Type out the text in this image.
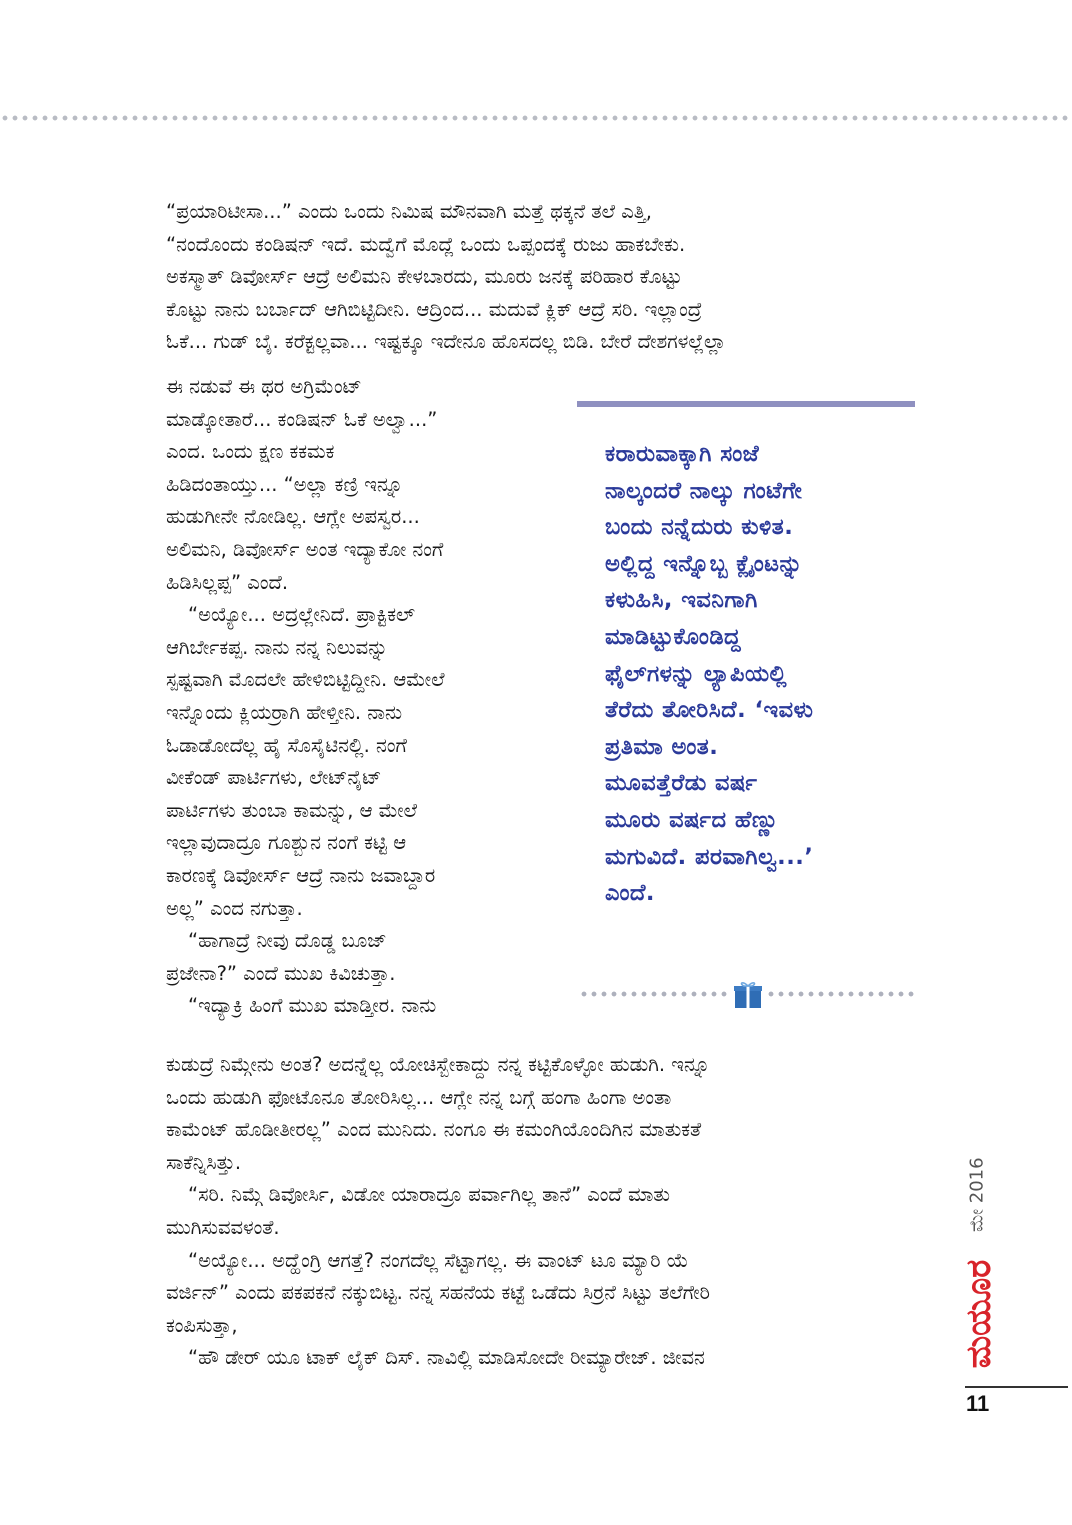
“ಪ್ರಯಾರಿಟೀಸಾ...” ಎಂದು ಒಂದು ನಿಮಿಷ ಮೌನವಾಗಿ ಮತ್ತೆ ಥಕ್ಕನೆ ತಲೆ ಎತ್ತಿ,

“ನಂದೊಂದು ಕಂಡಿಷನ್ ಇದೆ. ಮದ್ವೆಗೆ ಮೊದ್ಲೆ ಒಂದು ಒಪ್ಪಂದಕ್ಕೆ ರುಜು ಹಾಕಬೇಕು.

ಅಕಸ್ಮಾತ್ ಡಿವೋರ್ಸ್ ಆದ್ರೆ ಅಲಿಮನಿ ಕೇಳಬಾರದು, ಮೂರು ಜನಕ್ಕೆ ಪರಿಹಾರ ಕೊಟ್ಟು

ಕೊಟ್ಟು ನಾನು ಬರ್ಬಾದ್ ಆಗಿಬಿಟ್ಟಿದೀನಿ. ಆದ್ರಿಂದ... ಮದುವೆ ಕ್ಲಿಕ್ ಆದ್ರೆ ಸರಿ. ಇಲ್ಲಾಂದ್ರೆ

ಓಕೆ... ಗುಡ್ ಬೈ. ಕರೆಕ್ಟಲ್ಲವಾ... ಇಷ್ಟಕ್ಕೂ ಇದೇನೂ ಹೊಸದಲ್ಲ ಬಿಡಿ. ಬೇರೆ ದೇಶಗಳಲ್ಲೆಲ್ಲಾ

ಈ ನಡುವೆ ಈ ಥರ ಅಗ್ರಿಮೆಂಟ್

ಮಾಡ್ಕೋತಾರೆ... ಕಂಡಿಷನ್ ಓಕೆ ಅಲ್ವಾ...”

ಎಂದ. ಒಂದು ಕ್ಷಣ ಕಕಮಕ

ಹಿಡಿದಂತಾಯ್ತು... “ಅಲ್ಲಾ ಕಣ್ರಿ ಇನ್ನೂ

ಹುಡುಗೀನೇ ನೋಡಿಲ್ಲ. ಆಗ್ಲೇ ಅಪಸ್ವರ...

ಅಲಿಮನಿ, ಡಿವೋರ್ಸ್ ಅಂತ ಇದ್ಯಾಕೋ ನಂಗೆ

ಹಿಡಿಸಿಲ್ಲಪ್ಪ” ಎಂದೆ.

“ಅಯ್ಯೋ... ಅದ್ರಲ್ಲೇನಿದೆ. ಪ್ರಾಕ್ಟಿಕಲ್

ಆಗಿರ್ಬೇಕಪ್ಪ. ನಾನು ನನ್ನ ನಿಲುವನ್ನು

ಸ್ಪಷ್ಟವಾಗಿ ಮೊದಲೇ ಹೇಳಿಬಿಟ್ಟಿದ್ದೀನಿ. ಆಮೇಲೆ

ಇನ್ನೊಂದು ಕ್ಲಿಯರ್ರಾಗಿ ಹೇಳ್ತೀನಿ. ನಾನು

ಓಡಾಡೋದೆಲ್ಲ ಹೈ ಸೊಸೈಟಿನಲ್ಲಿ. ನಂಗೆ

ವೀಕೆಂಡ್ ಪಾರ್ಟಿಗಳು, ಲೇಟ್‌ನೈಟ್

ಪಾರ್ಟಿಗಳು ತುಂಬಾ ಕಾಮನ್ನು, ಆ ಮೇಲೆ

ಇಲ್ಲಾವುದಾದ್ರೂ ಗೂಶ್ಬುನ ನಂಗೆ ಕಟ್ಟಿ ಆ

ಕಾರಣಕ್ಕೆ ಡಿವೋರ್ಸ್ ಆದ್ರೆ ನಾನು ಜವಾಬ್ದಾರ

ಅಲ್ಲ” ಎಂದ ನಗುತ್ತಾ.

“ಹಾಗಾದ್ರೆ ನೀವು ದೊಡ್ಡ ಬೂಜ್

ಪ್ರಜೇನಾ?” ಎಂದೆ ಮುಖ ಕಿವಿಚುತ್ತಾ.

“ಇದ್ಯಾಕ್ರಿ ಹಿಂಗೆ ಮುಖ ಮಾಡ್ತೀರ. ನಾನು

ಕುಡುದ್ರೆ ನಿಮ್ಗೇನು ಅಂತ? ಅದನ್ನೆಲ್ಲ ಯೋಚಿಸ್ಬೇಕಾದ್ದು ನನ್ನ ಕಟ್ಟಿಕೊಳ್ಳೋ ಹುಡುಗಿ. ಇನ್ನೂ

ಒಂದು ಹುಡುಗಿ ಫೋಟೊನೂ ತೋರಿಸಿಲ್ಲ... ಆಗ್ಲೇ ನನ್ನ ಬಗ್ಗೆ ಹಂಗಾ ಹಿಂಗಾ ಅಂತಾ

ಕಾಮೆಂಟ್ ಹೊಡೀತೀರಲ್ಲ” ಎಂದ ಮುನಿದು. ನಂಗೂ ಈ ಕಮಂಗಿಯೊಂದಿಗಿನ ಮಾತುಕತೆ

ಸಾಕೆನ್ನಿಸಿತ್ತು.

“ಸರಿ. ನಿಮ್ಗೆ ಡಿವೋರ್ಸಿ, ವಿಡೋ ಯಾರಾದ್ರೂ ಪರ್ವಾಗಿಲ್ಲ ತಾನೆ” ಎಂದೆ ಮಾತು

ಮುಗಿಸುವವಳಂತೆ.

“ಅಯ್ಯೋ... ಅದ್ಹೆಂಗ್ರಿ ಆಗತ್ತೆ? ನಂಗದೆಲ್ಲ ಸೆಟ್ಟಾಗಲ್ಲ. ಈ ವಾಂಟ್ ಟೂ ಮ್ಯಾರಿ ಯೆ

ವರ್ಜಿನ್” ಎಂದು ಪಕಪಕನೆ ನಕ್ಕುಬಿಟ್ಟ. ನನ್ನ ಸಹನೆಯ ಕಟ್ಟೆ ಒಡೆದು ಸಿರ್ರನೆ ಸಿಟ್ಟು ತಲೆಗೇರಿ

ಕಂಪಿಸುತ್ತಾ,

“ಹೌ ಡೇರ್ ಯೂ ಟಾಕ್ ಲೈಕ್ ದಿಸ್. ನಾವಿಲ್ಲಿ ಮಾಡಿಸೋದೇ ರೀಮ್ಯಾರೇಜ್. ಜೀವನ

ಕರಾರುವಾಕ್ಕಾಗಿ ಸಂಜೆ

ನಾಲ್ಕಂದರೆ ನಾಲ್ಕು ಗಂಟೆಗೇ

ಬಂದು ನನ್ನೆದುರು ಕುಳಿತ.

ಅಲ್ಲಿದ್ದ ಇನ್ನೊಬ್ಬ ಕ್ಲೈಂಟನ್ನು

ಕಳುಹಿಸಿ, ಇವನಿಗಾಗಿ

ಮಾಡಿಟ್ಟುಕೊಂಡಿದ್ದ

ಫೈಲ್‌ಗಳನ್ನು ಲ್ಯಾಪಿಯಲ್ಲಿ

ತೆರೆದು ತೋರಿಸಿದೆ. ‘ಇವಳು

ಪ್ರತಿಮಾ ಅಂತ.

ಮೂವತ್ತೆರೆಡು ವರ್ಷ

ಮೂರು ವರ್ಷದ ಹೆಣ್ಣು

ಮಗುವಿದೆ. ಪರವಾಗಿಲ್ವ...’

ಎಂದೆ.

ಮೇ 2016
ಮಯೂರ
11
